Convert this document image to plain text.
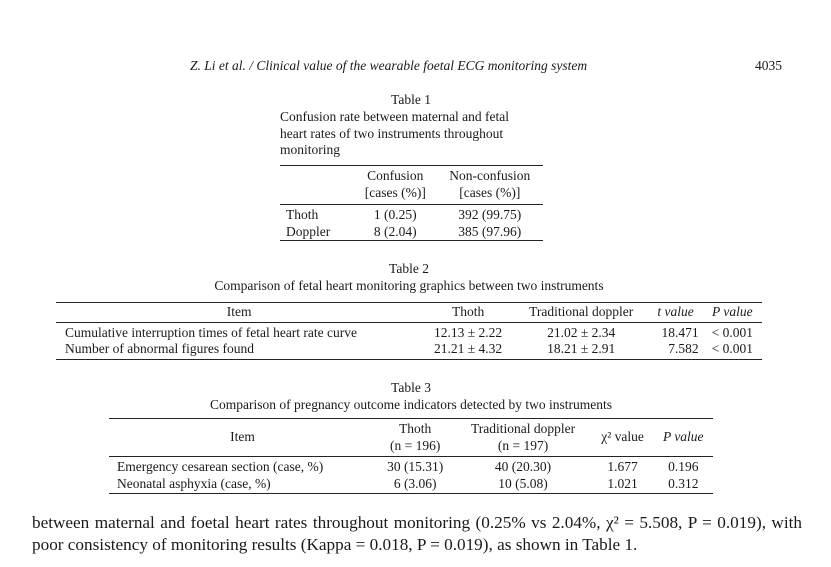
Z. Li et al. / Clinical value of the wearable foetal ECG monitoring system	4035
Table 1
Confusion rate between maternal and fetal
heart rates of two instruments throughout
monitoring
	Confusion	Non-confusion
	[cases (%)]	[cases (%)]
Thoth	1 (0.25)	392 (99.75)
Doppler	8 (2.04)	385 (97.96)
Table 2
Comparison of fetal heart monitoring graphics between two instruments
Item	Thoth	Traditional doppler	t value	P value
Cumulative interruption times of fetal heart rate curve	12.13 ± 2.22	21.02 ± 2.34	18.471	< 0.001
Number of abnormal figures found	21.21 ± 4.32	18.21 ± 2.91	7.582	< 0.001
Table 3
Comparison of pregnancy outcome indicators detected by two instruments
Item	Thoth	Traditional doppler	χ² value	P value
	(n = 196)	(n = 197)		
Emergency cesarean section (case, %)	30 (15.31)	40 (20.30)	1.677	0.196
Neonatal asphyxia (case, %)	6 (3.06)	10 (5.08)	1.021	0.312
between maternal and foetal heart rates throughout monitoring (0.25% vs 2.04%, χ² = 5.508, P = 0.019), with poor consistency of monitoring results (Kappa = 0.018, P = 0.019), as shown in Table 1.
